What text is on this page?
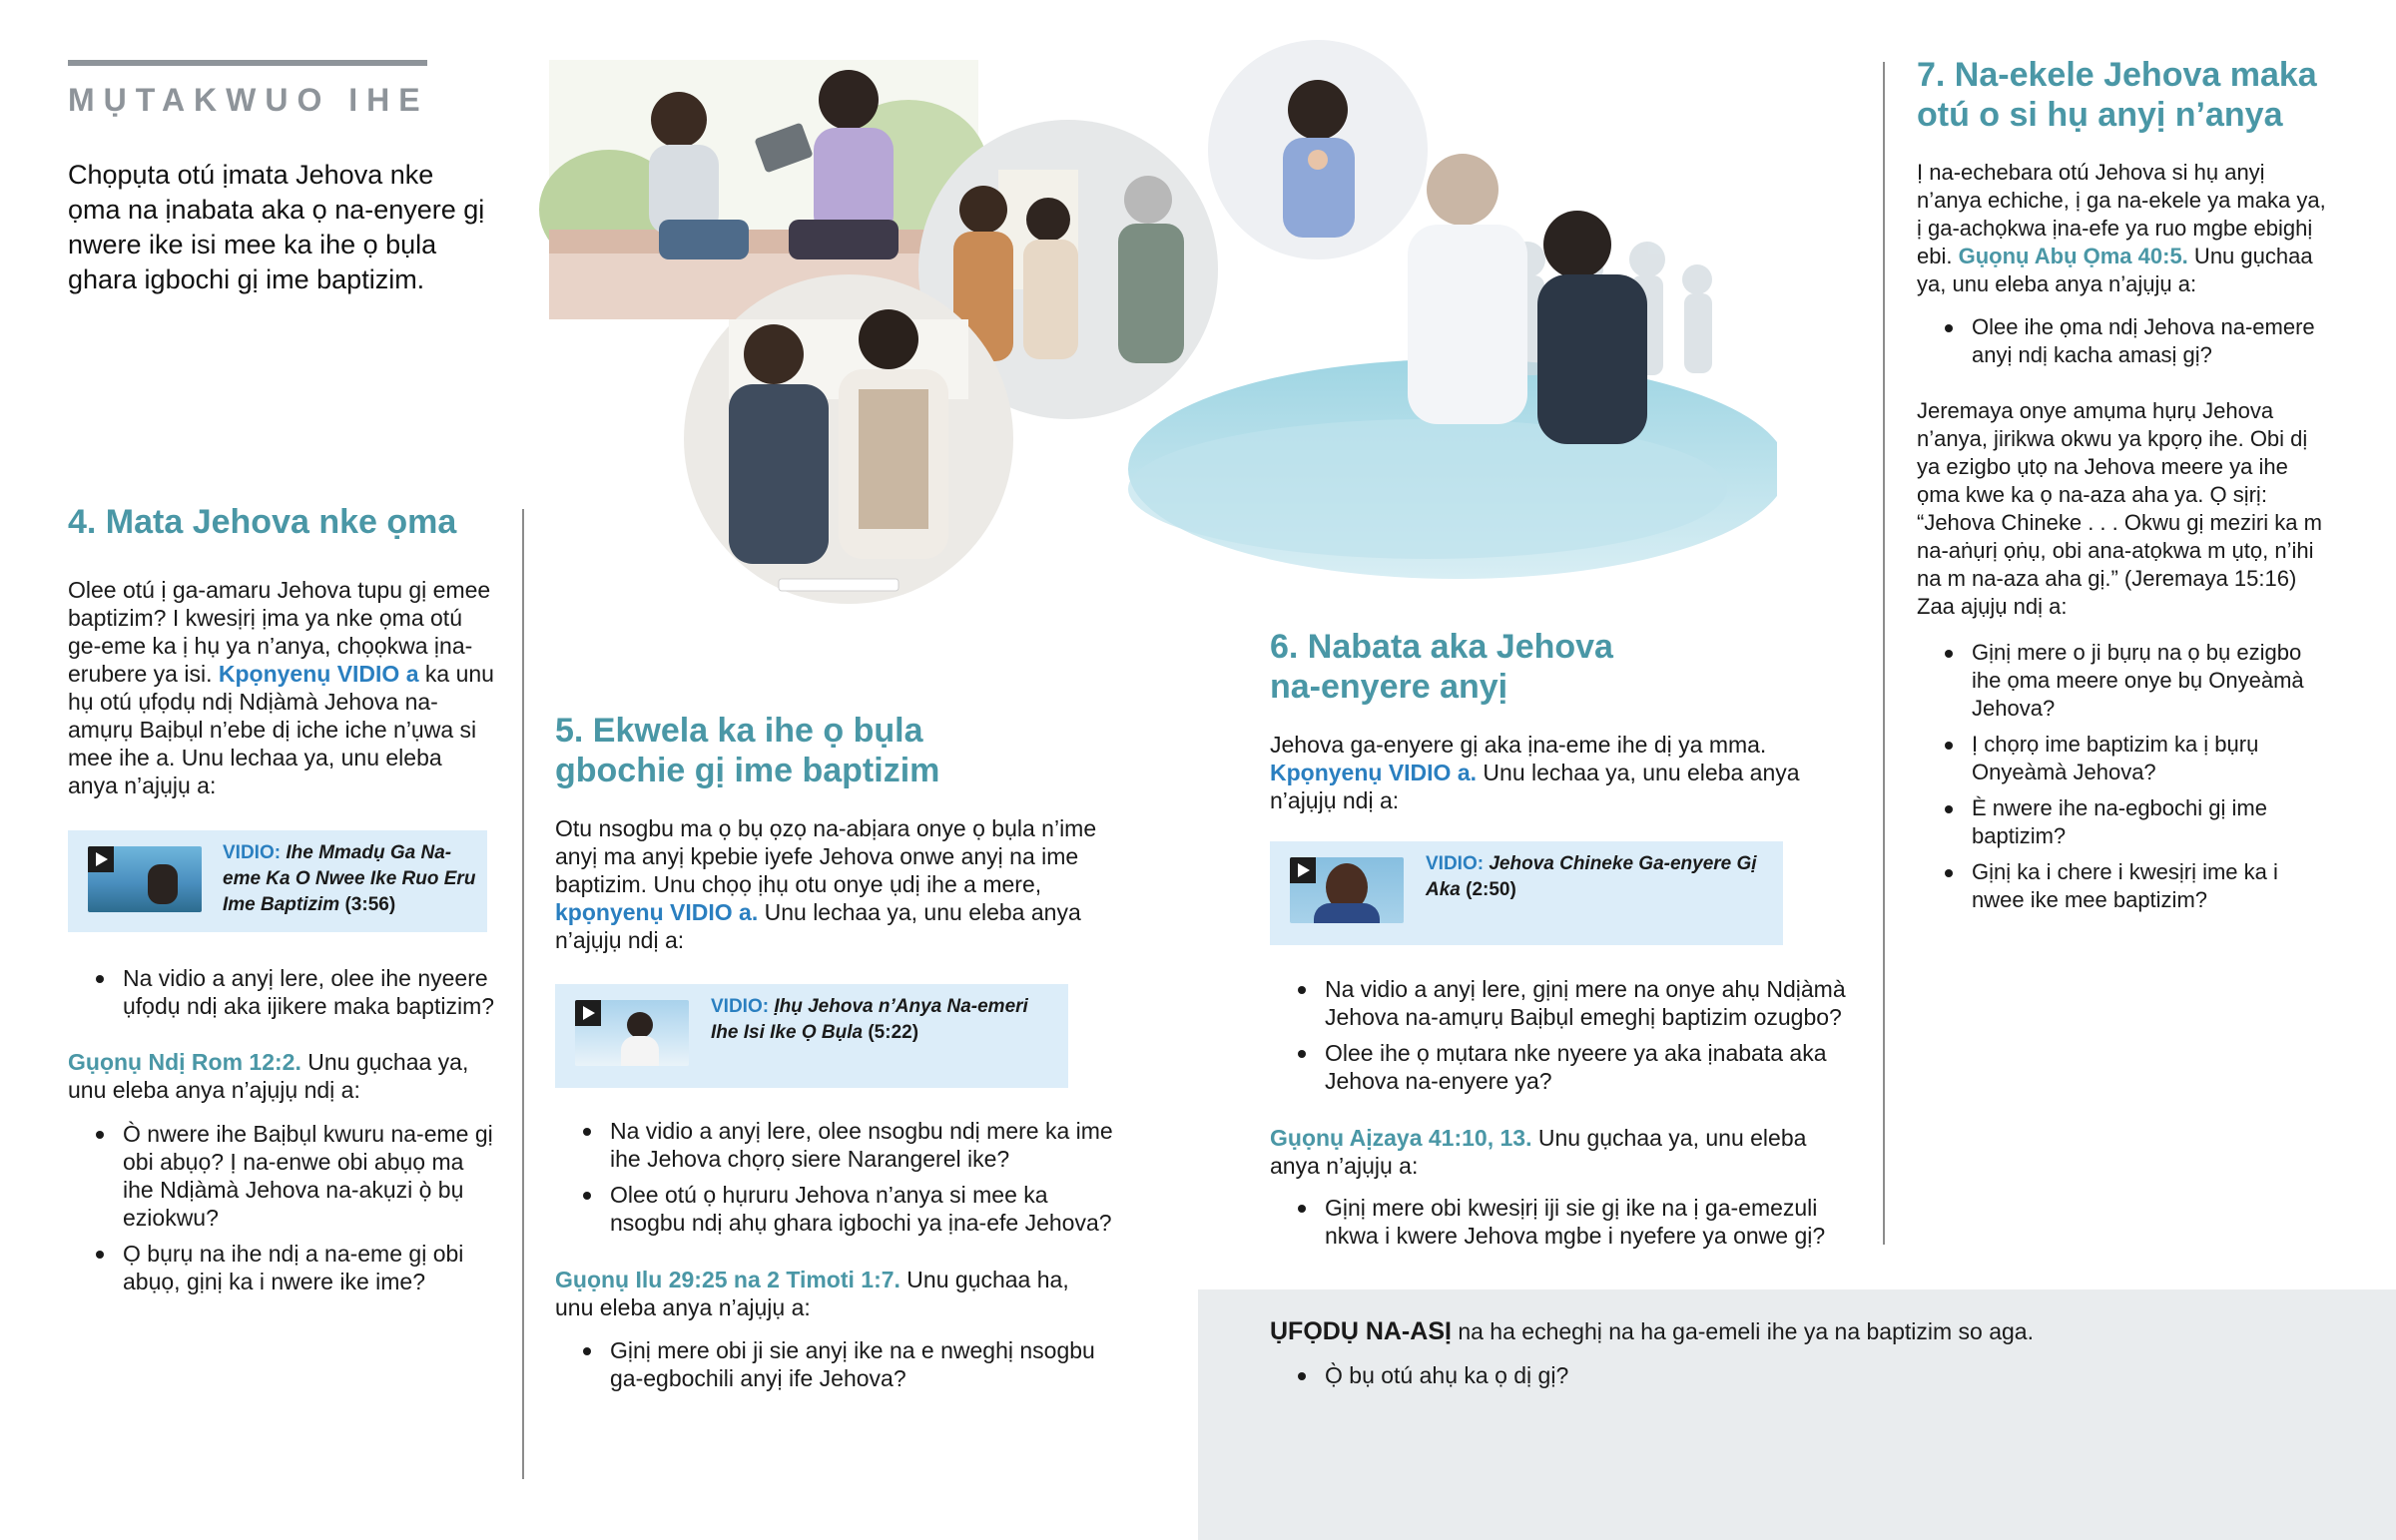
MỤTAKWUO IHE
Chọpụta otú ịmata Jehova nke ọma na ịnabata aka ọ na-enyere gị nwere ike isi mee ka ihe ọ bụla ghara igbochi gị ime baptizim.
4. Mata Jehova nke ọma
Olee otú ị ga-amaru Jehova tupu gị emee baptizim? I kwesịrị ịma ya nke ọma otú ge-eme ka ị hụ ya n’anya, chọọkwa ịna-erubere ya isi. Kpọnyenụ VIDIO a ka unu hụ otú ụfọdụ ndị Ndịàmà Jehova na-amụrụ Baịbụl n’ebe dị iche iche n’ụwa si mee ihe a. Unu lechaa ya, unu eleba anya n’ajụjụ a:
VIDIO: Ihe Mmadụ Ga Na-eme Ka O Nwee Ike Ruo Eru Ime Baptizim (3:56)
Na vidio a anyị lere, olee ihe nyeere ụfọdụ ndị aka ijikere maka baptizim?
Gụọnụ Ndị Rom 12:2. Unu gụchaa ya, unu eleba anya n’ajụjụ ndị a:
Ò nwere ihe Baịbụl kwuru na-eme gị obi abụọ? Ị na-enwe obi abụọ ma ihe Ndịàmà Jehova na-akụzi ọ̀ bụ eziokwu?
Ọ bụrụ na ihe ndị a na-eme gị obi abụọ, gịnị ka i nwere ike ime?
5. Ekwela ka ihe ọ bụla gbochie gị ime baptizim
Otu nsogbu ma ọ bụ ọzọ na-abịara onye ọ bụla n’ime anyị ma anyị kpebie iyefe Jehova onwe anyị na ime baptizim. Unu chọọ ịhụ otu onye ụdị ihe a mere, kpọnyenụ VIDIO a. Unu lechaa ya, unu eleba anya n’ajụjụ ndị a:
VIDIO: Ịhụ Jehova n’Anya Na-emeri Ihe Isi Ike Ọ Bụla (5:22)
Na vidio a anyị lere, olee nsogbu ndị mere ka ime ihe Jehova chọrọ siere Narangerel ike?
Olee otú ọ hụruru Jehova n’anya si mee ka nsogbu ndị ahụ ghara igbochi ya ịna-efe Jehova?
Gụọnụ Ilu 29:25 na 2 Timoti 1:7. Unu gụchaa ha, unu eleba anya n’ajụjụ a:
Gịnị mere obi ji sie anyị ike na e nweghị nsogbu ga-egbochili anyị ife Jehova?
6. Nabata aka Jehova na-enyere anyị
Jehova ga-enyere gị aka ịna-eme ihe dị ya mma. Kpọnyenụ VIDIO a. Unu lechaa ya, unu eleba anya n’ajụjụ ndị a:
VIDIO: Jehova Chineke Ga-enyere Gị Aka (2:50)
Na vidio a anyị lere, gịnị mere na onye ahụ Ndịàmà Jehova na-amụrụ Baịbụl emeghị baptizim ozugbo?
Olee ihe ọ mụtara nke nyeere ya aka ịnabata aka Jehova na-enyere ya?
Gụọnụ Aịzaya 41:10, 13. Unu gụchaa ya, unu eleba anya n’ajụjụ a:
Gịnị mere obi kwesịrị iji sie gị ike na ị ga-emezuli nkwa i kwere Jehova mgbe i nyefere ya onwe gị?
7. Na-ekele Jehova maka otú o si hụ anyị n’anya
Ị na-echebara otú Jehova si hụ anyị n’anya echiche, ị ga na-ekele ya maka ya, ị ga-achọkwa ịna-efe ya ruo mgbe ebighị ebi. Gụọnụ Abụ Ọma 40:5. Unu gụchaa ya, unu eleba anya n’ajụjụ a:
Olee ihe ọma ndị Jehova na-emere anyị ndị kacha amasị gị?
Jeremaya onye amụma hụrụ Jehova n’anya, jirikwa okwu ya kpọrọ ihe. Obi dị ya ezigbo ụtọ na Jehova meere ya ihe ọma kwe ka ọ na-aza aha ya. Ọ sịrị: “Jehova Chineke . . . Okwu gị meziri ka m na-aṅụrị ọṅụ, obi ana-atọkwa m ụtọ, n’ihi na m na-aza aha gị.” (Jeremaya 15:16) Zaa ajụjụ ndị a:
Gịnị mere o ji bụrụ na ọ bụ ezigbo ihe ọma meere onye bụ Onyeàmà Jehova?
Ị chọrọ ime baptizim ka ị bụrụ Onyeàmà Jehova?
È nwere ihe na-egbochi gị ime baptizim?
Gịnị ka i chere i kwesịrị ime ka i nwee ike mee baptizim?
ỤFỌDỤ NA-ASỊ na ha echeghị na ha ga-emeli ihe ya na baptizim so aga.
Ọ̀ bụ otú ahụ ka ọ dị gị?
